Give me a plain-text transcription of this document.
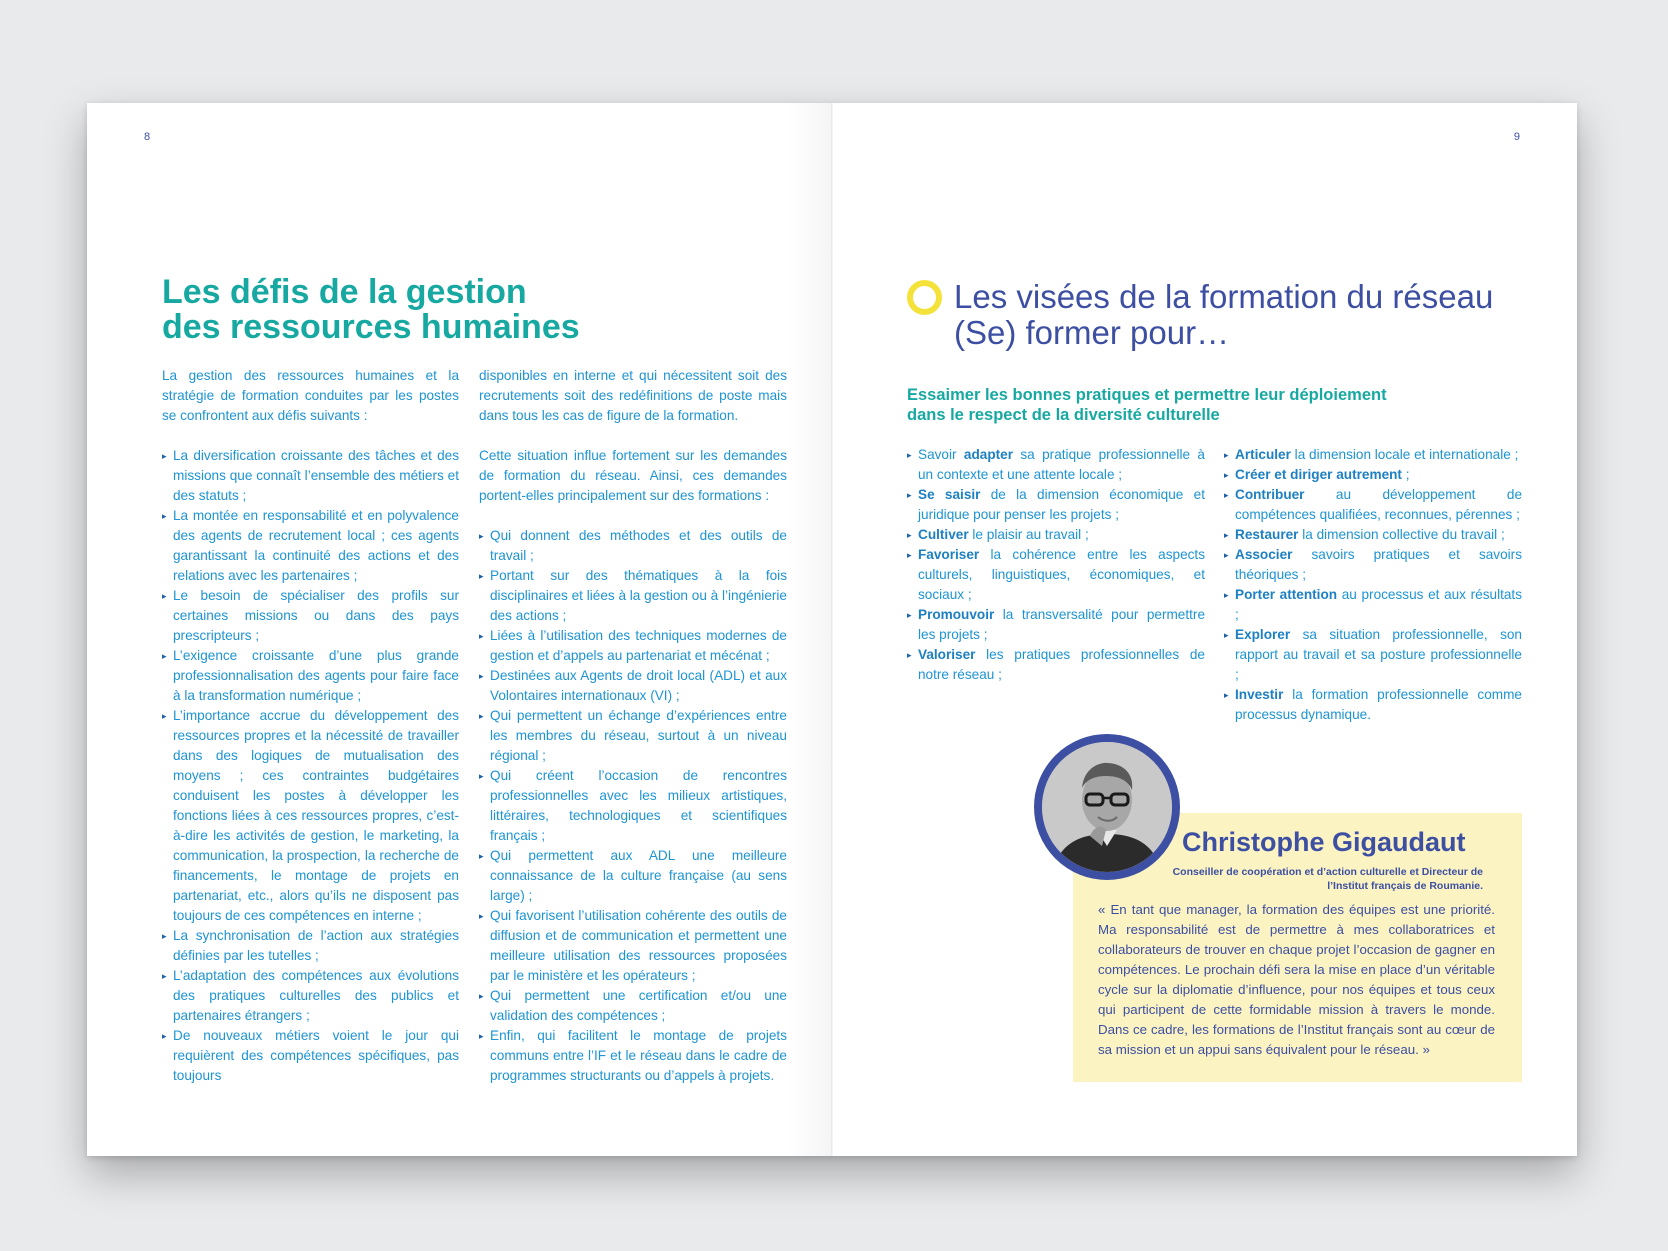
8	9
Les défis de la gestion
des ressources humaines

La gestion des ressources humaines et la stratégie de formation conduites par les postes se confrontent aux défis suivants :

▸ La diversification croissante des tâches et des missions que connaît l’ensemble des métiers et des statuts ;
▸ La montée en responsabilité et en polyvalence des agents de recrutement local ; ces agents garantissant la continuité des actions et des relations avec les partenaires ;
▸ Le besoin de spécialiser des profils sur certaines missions ou dans des pays prescripteurs ;
▸ L’exigence croissante d’une plus grande professionnalisation des agents pour faire face à la transformation numérique ;
▸ L’importance accrue du développement des ressources propres et la nécessité de travailler dans des logiques de mutualisation des moyens ; ces contraintes budgétaires conduisent les postes à développer les fonctions liées à ces ressources propres, c’est-à-dire les activités de gestion, le marketing, la communication, la prospection, la recherche de financements, le montage de projets en partenariat, etc., alors qu’ils ne disposent pas toujours de ces compétences en interne ;
▸ La synchronisation de l’action aux stratégies définies par les tutelles ;
▸ L’adaptation des compétences aux évolutions des pratiques culturelles des publics et partenaires étrangers ;
▸ De nouveaux métiers voient le jour qui requièrent des compétences spécifiques, pas toujours

disponibles en interne et qui nécessitent soit des recrutements soit des redéfinitions de poste mais dans tous les cas de figure de la formation.

Cette situation influe fortement sur les demandes de formation du réseau. Ainsi, ces demandes portent-elles principalement sur des formations :

▸ Qui donnent des méthodes et des outils de travail ;
▸ Portant sur des thématiques à la fois disciplinaires et liées à la gestion ou à l’ingénierie des actions ;
▸ Liées à l’utilisation des techniques modernes de gestion et d’appels au partenariat et mécénat ;
▸ Destinées aux Agents de droit local (ADL) et aux Volontaires internationaux (VI) ;
▸ Qui permettent un échange d’expériences entre les membres du réseau, surtout à un niveau régional ;
▸ Qui créent l’occasion de rencontres professionnelles avec les milieux artistiques, littéraires, technologiques et scientifiques français ;
▸ Qui permettent aux ADL une meilleure connaissance de la culture française (au sens large) ;
▸ Qui favorisent l’utilisation cohérente des outils de diffusion et de communication et permettent une meilleure utilisation des ressources proposées par le ministère et les opérateurs ;
▸ Qui permettent une certification et/ou une validation des compétences ;
▸ Enfin, qui facilitent le montage de projets communs entre l’IF et le réseau dans le cadre de programmes structurants ou d’appels à projets.
Les visées de la formation du réseau
(Se) former pour…
Essaimer les bonnes pratiques et permettre leur déploiement
dans le respect de la diversité culturelle
▸ Savoir adapter sa pratique professionnelle à un contexte et une attente locale ;
▸ Se saisir de la dimension économique et juridique pour penser les projets ;
▸ Cultiver le plaisir au travail ;
▸ Favoriser la cohérence entre les aspects culturels, linguistiques, économiques, et sociaux ;
▸ Promouvoir la transversalité pour permettre les projets ;
▸ Valoriser les pratiques professionnelles de notre réseau ;
▸ Articuler la dimension locale et internationale ;
▸ Créer et diriger autrement ;
▸ Contribuer au développement de compétences qualifiées, reconnues, pérennes ;
▸ Restaurer la dimension collective du travail ;
▸ Associer savoirs pratiques et savoirs théoriques ;
▸ Porter attention au processus et aux résultats ;
▸ Explorer sa situation professionnelle, son rapport au travail et sa posture professionnelle ;
▸ Investir la formation professionnelle comme processus dynamique.
Christophe Gigaudaut
Conseiller de coopération et d’action culturelle et Directeur de l’Institut français de Roumanie.

« En tant que manager, la formation des équipes est une priorité. Ma responsabilité est de permettre à mes collaboratrices et collaborateurs de trouver en chaque projet l’occasion de gagner en compétences. Le prochain défi sera la mise en place d’un véritable cycle sur la diplomatie d’influence, pour nos équipes et tous ceux qui participent de cette formidable mission à travers le monde. Dans ce cadre, les formations de l’Institut français sont au cœur de sa mission et un appui sans équivalent pour le réseau. »
